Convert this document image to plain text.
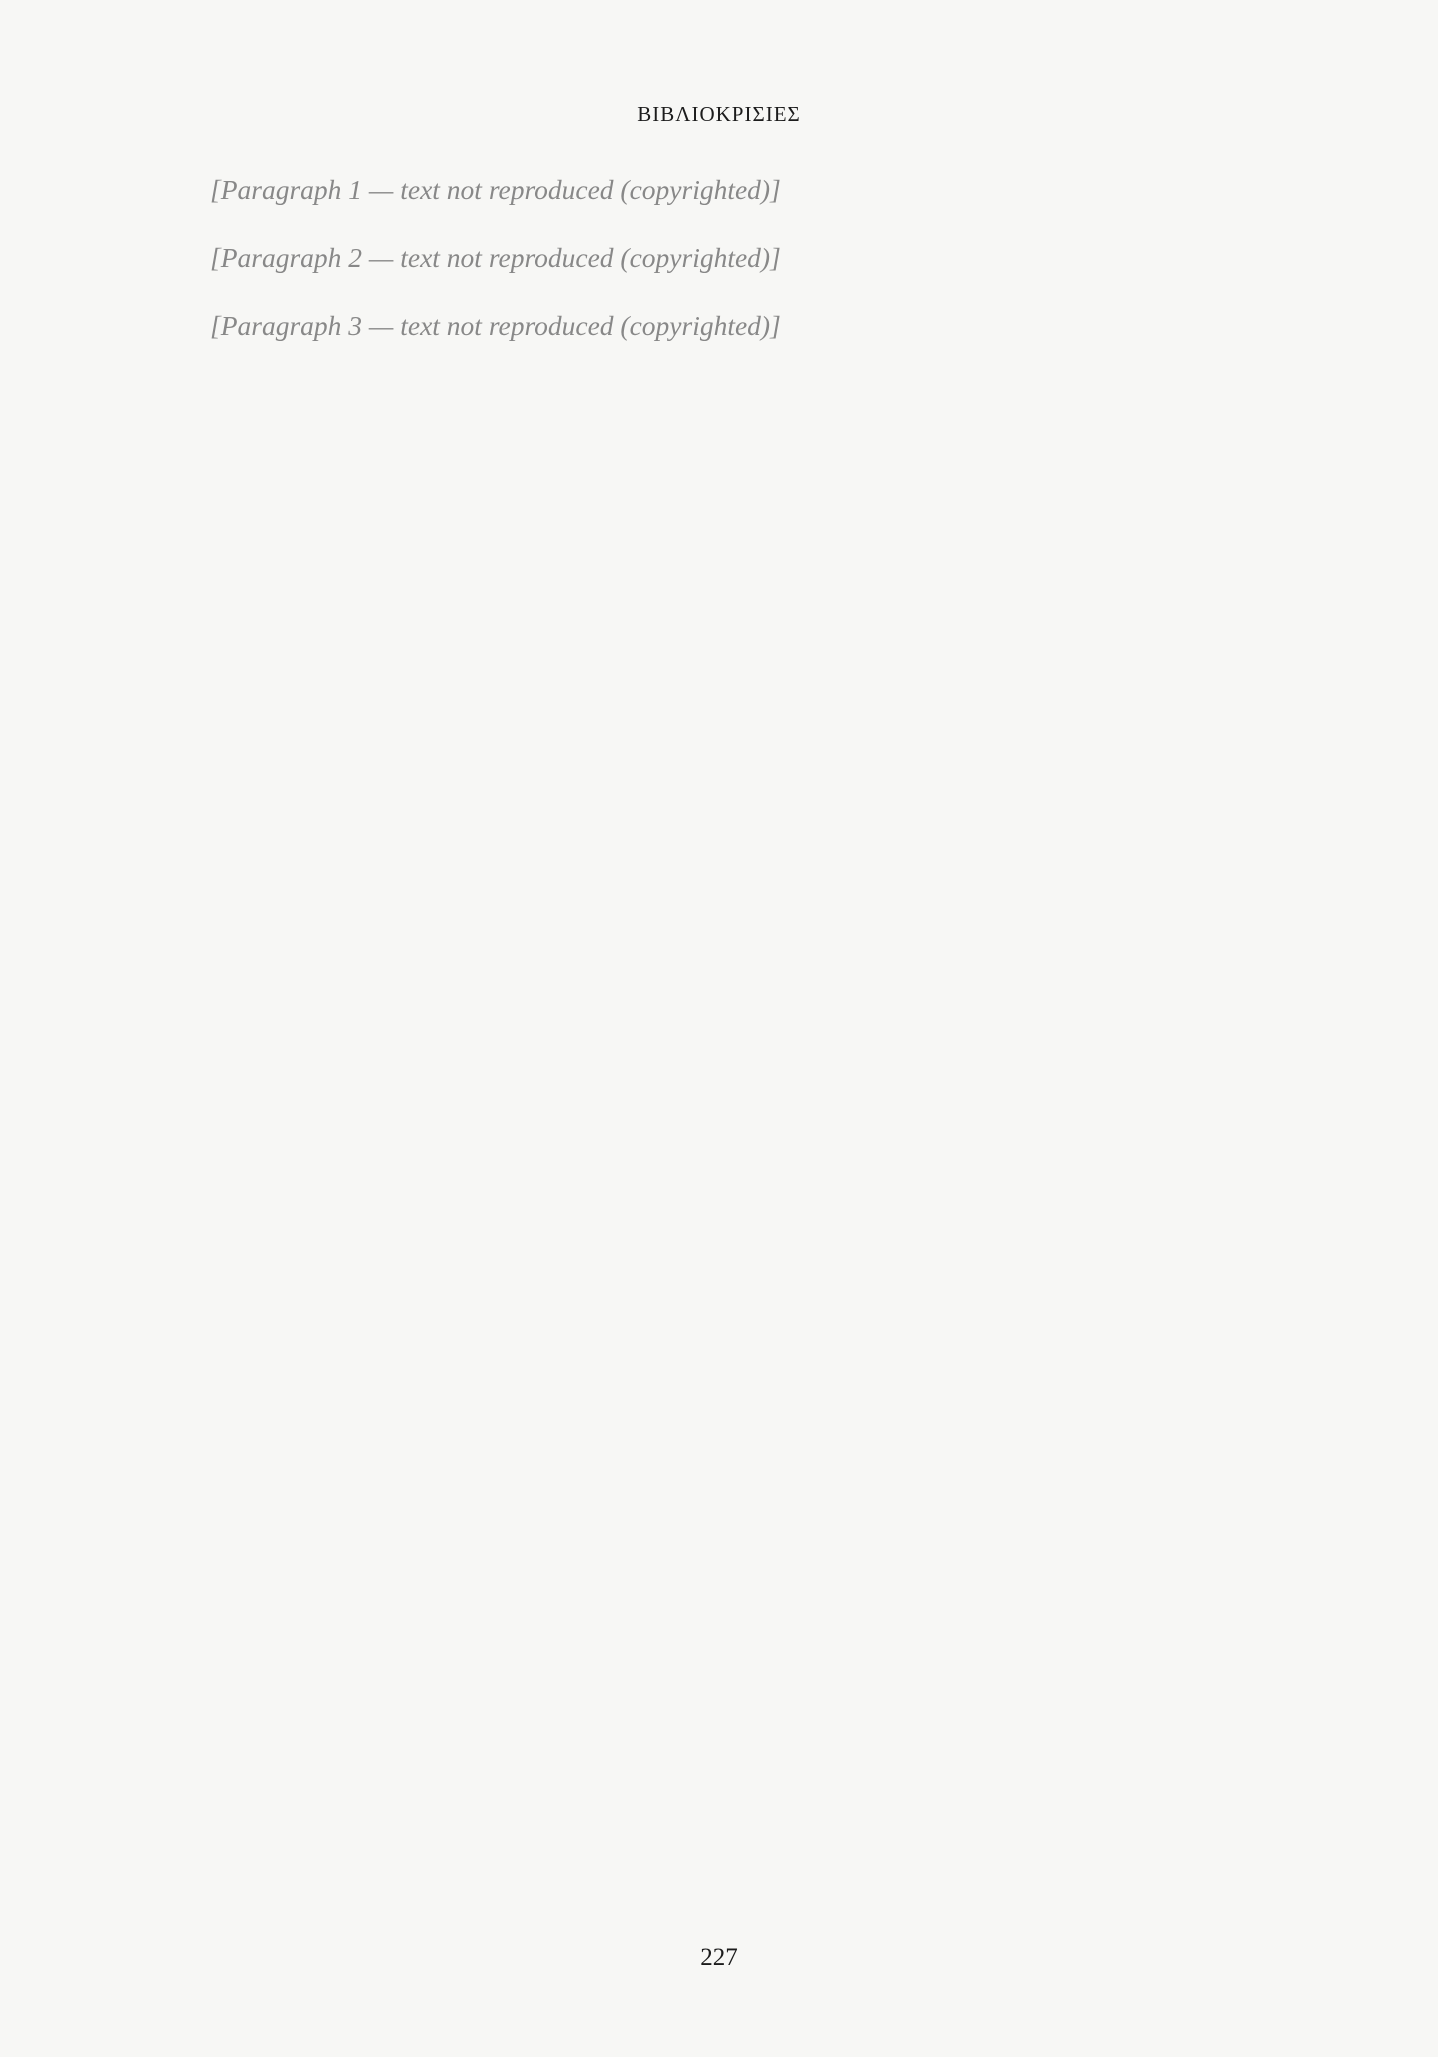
ΒΙΒΛΙΟΚΡΙΣΙΕΣ

[Paragraph 1 — text not reproduced (copyrighted)]

[Paragraph 2 — text not reproduced (copyrighted)]

[Paragraph 3 — text not reproduced (copyrighted)]

227
